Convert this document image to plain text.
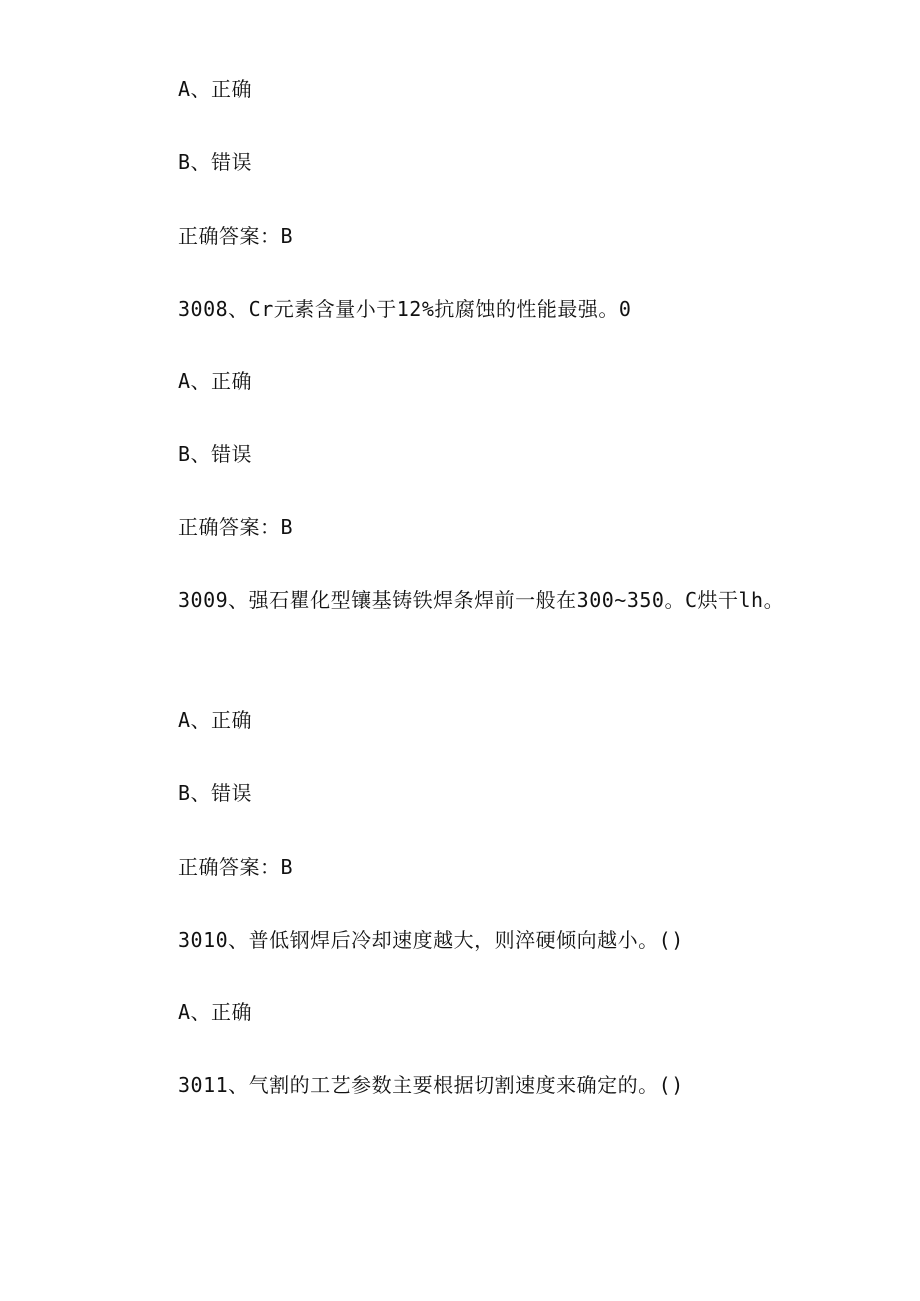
A、正确
B、错误
正确答案：B
3008、Cr元素含量小于12%抗腐蚀的性能最强。0
A、正确
B、错误
正确答案：B
3009、强石瞿化型镶基铸铁焊条焊前一般在300~350。C烘干lh。
A、正确
B、错误
正确答案：B
3010、普低钢焊后冷却速度越大，则淬硬倾向越小。()
A、正确
3011、气割的工艺参数主要根据切割速度来确定的。()
